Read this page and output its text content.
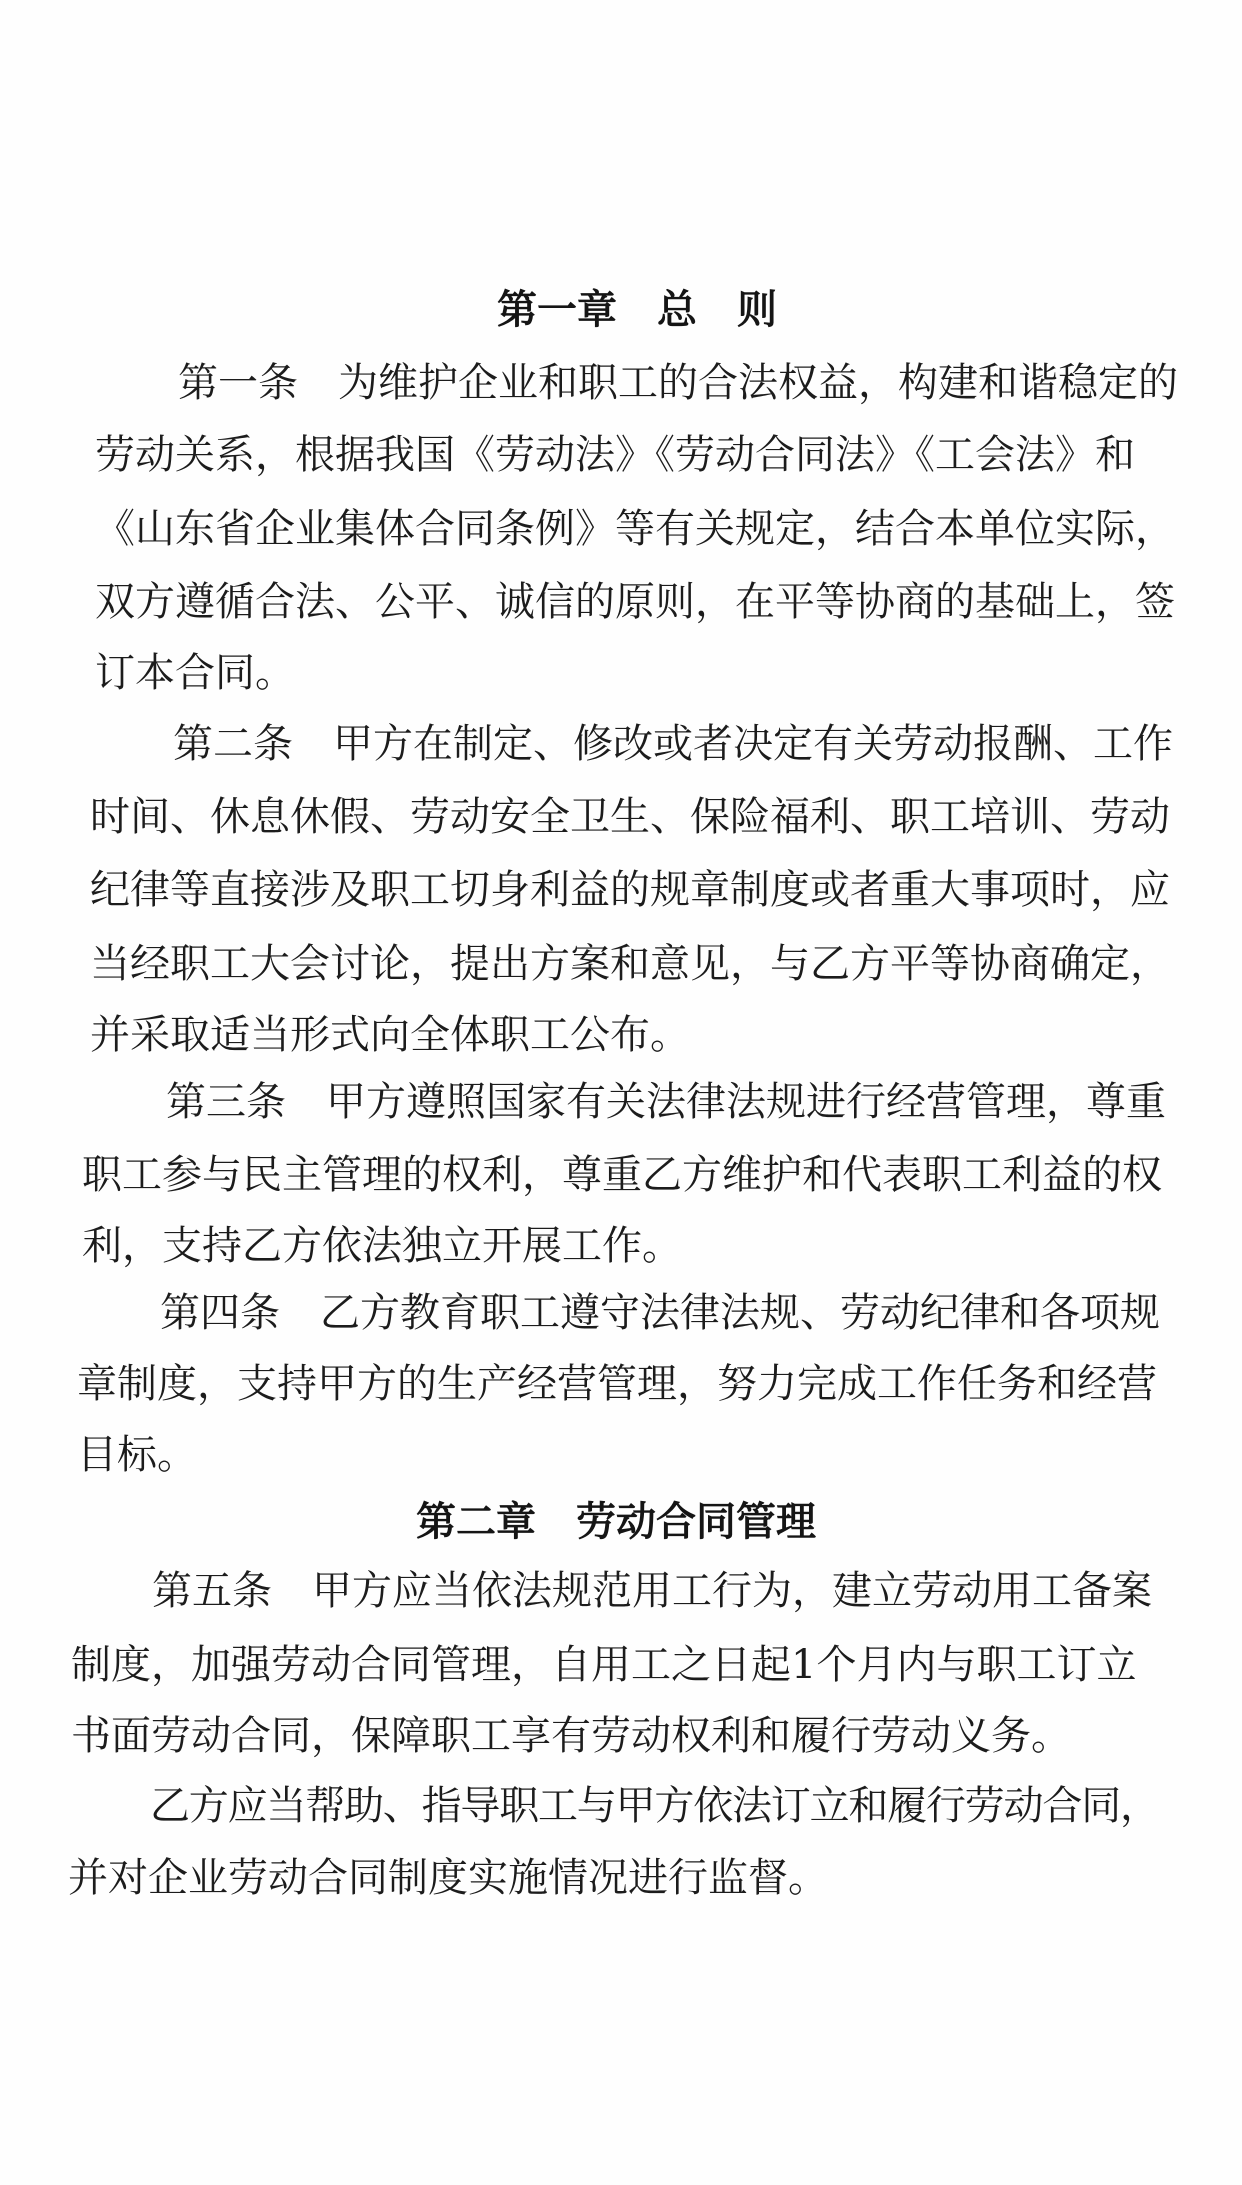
第一章　总　则

第一条　为维护企业和职工的合法权益，构建和谐稳定的

劳动关系，根据我国《劳动法》《劳动合同法》《工会法》和

《山东省企业集体合同条例》等有关规定，结合本单位实际，

双方遵循合法、公平、诚信的原则，在平等协商的基础上，签

订本合同。

第二条　甲方在制定、修改或者决定有关劳动报酬、工作

时间、休息休假、劳动安全卫生、保险福利、职工培训、劳动

纪律等直接涉及职工切身利益的规章制度或者重大事项时，应

当经职工大会讨论，提出方案和意见，与乙方平等协商确定，

并采取适当形式向全体职工公布。

第三条　甲方遵照国家有关法律法规进行经营管理，尊重

职工参与民主管理的权利，尊重乙方维护和代表职工利益的权

利，支持乙方依法独立开展工作。

第四条　乙方教育职工遵守法律法规、劳动纪律和各项规

章制度，支持甲方的生产经营管理，努力完成工作任务和经营

目标。

第二章　劳动合同管理

第五条　甲方应当依法规范用工行为，建立劳动用工备案

制度，加强劳动合同管理，自用工之日起1个月内与职工订立

书面劳动合同，保障职工享有劳动权利和履行劳动义务。

乙方应当帮助、指导职工与甲方依法订立和履行劳动合同，

并对企业劳动合同制度实施情况进行监督。
